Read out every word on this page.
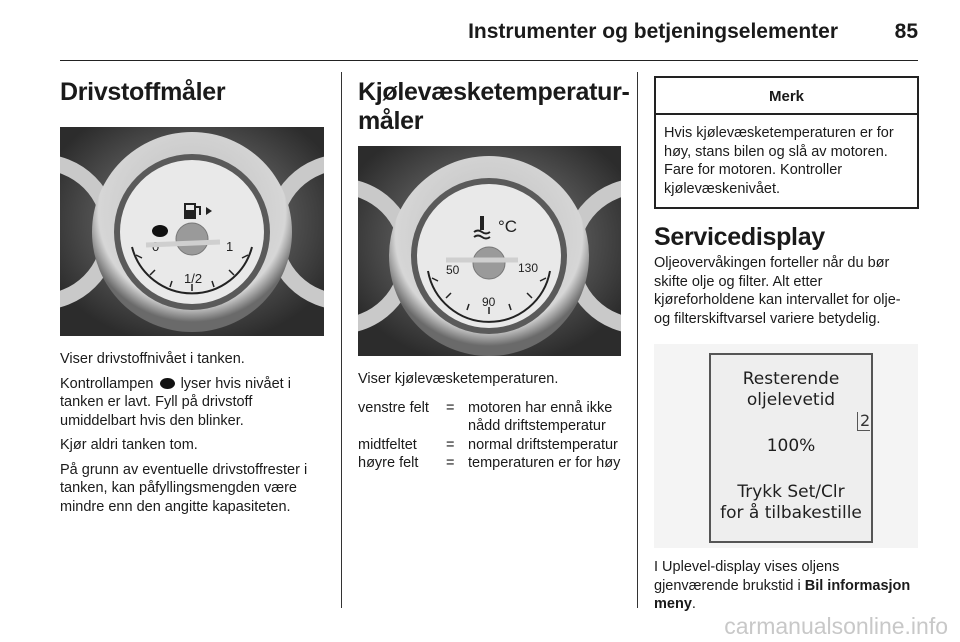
Instrumenter og betjeningselementer	85
Drivstoffmåler
1/2
1

Viser drivstoffnivået i tanken.

Kontrollampen lyser hvis nivået i tanken er lavt. Fyll på drivstoff umiddelbart hvis den blinker.

Kjør aldri tanken tom.

På grunn av eventuelle drivstoffrester i tanken, kan påfyllingsmengden være mindre enn den angitte kapasiteten.

Kjølevæsketemperatur-
måler
50
90
130
°C

Viser kjølevæsketemperaturen.

venstre felt	= motoren har ennå ikke nådd driftstemperatur
midtfeltet	= normal driftstemperatur
høyre felt	= temperaturen er for høy
Merk
Hvis kjølevæsketemperaturen er for høy, stans bilen og slå av motoren. Fare for motoren. Kontroller kjølevæskenivået.
Servicedisplay

Oljeovervåkingen forteller når du bør skifte olje og filter. Alt etter kjøreforholdene kan intervallet for olje- og filterskiftvarsel variere betydelig.

Resterende
oljelevetid
100%
Trykk Set/Clr
for å tilbakestille
2

I Uplevel-display vises oljens gjenværende brukstid i Bil informasjon meny.

carmanualsonline.info
